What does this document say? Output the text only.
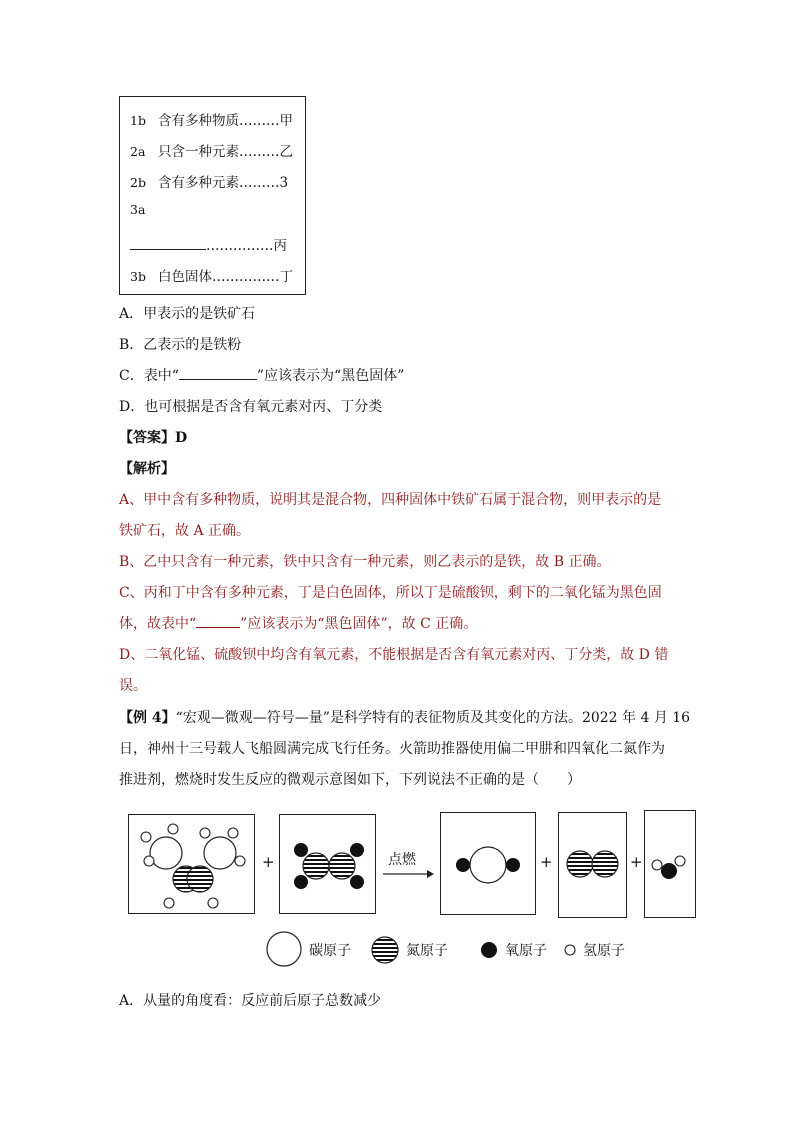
1b 含有多种物质………甲
2a 只含一种元素………乙
2b 含有多种元素………3
3a
……………丙
3b 白色固体……………丁
A．甲表示的是铁矿石
B．乙表示的是铁粉
C．表中“	”应该表示为“黑色固体”
D．也可根据是否含有氧元素对丙、丁分类
【答案】D
【解析】
A、甲中含有多种物质，说明其是混合物，四种固体中铁矿石属于混合物，则甲表示的是
铁矿石，故 A 正确。
B、乙中只含有一种元素，铁中只含有一种元素，则乙表示的是铁，故 B 正确。
C、丙和丁中含有多种元素，丁是白色固体，所以丁是硫酸钡，剩下的二氧化锰为黑色固
体，故表中“	”应该表示为“黑色固体”，故 C 正确。
D、二氧化锰、硫酸钡中均含有氧元素，不能根据是否含有氧元素对丙、丁分类，故 D 错
误。
【例 4】“宏观—微观—符号—量”是科学特有的表征物质及其变化的方法。2022 年 4 月 16
日，神州十三号载人飞船圆满完成飞行任务。火箭助推器使用偏二甲肼和四氧化二氮作为
推进剂，燃烧时发生反应的微观示意图如下，下列说法不正确的是（　　）
+	点燃	+	+
碳原子	氮原子	氧原子	氢原子
A．从量的角度看：反应前后原子总数减少
